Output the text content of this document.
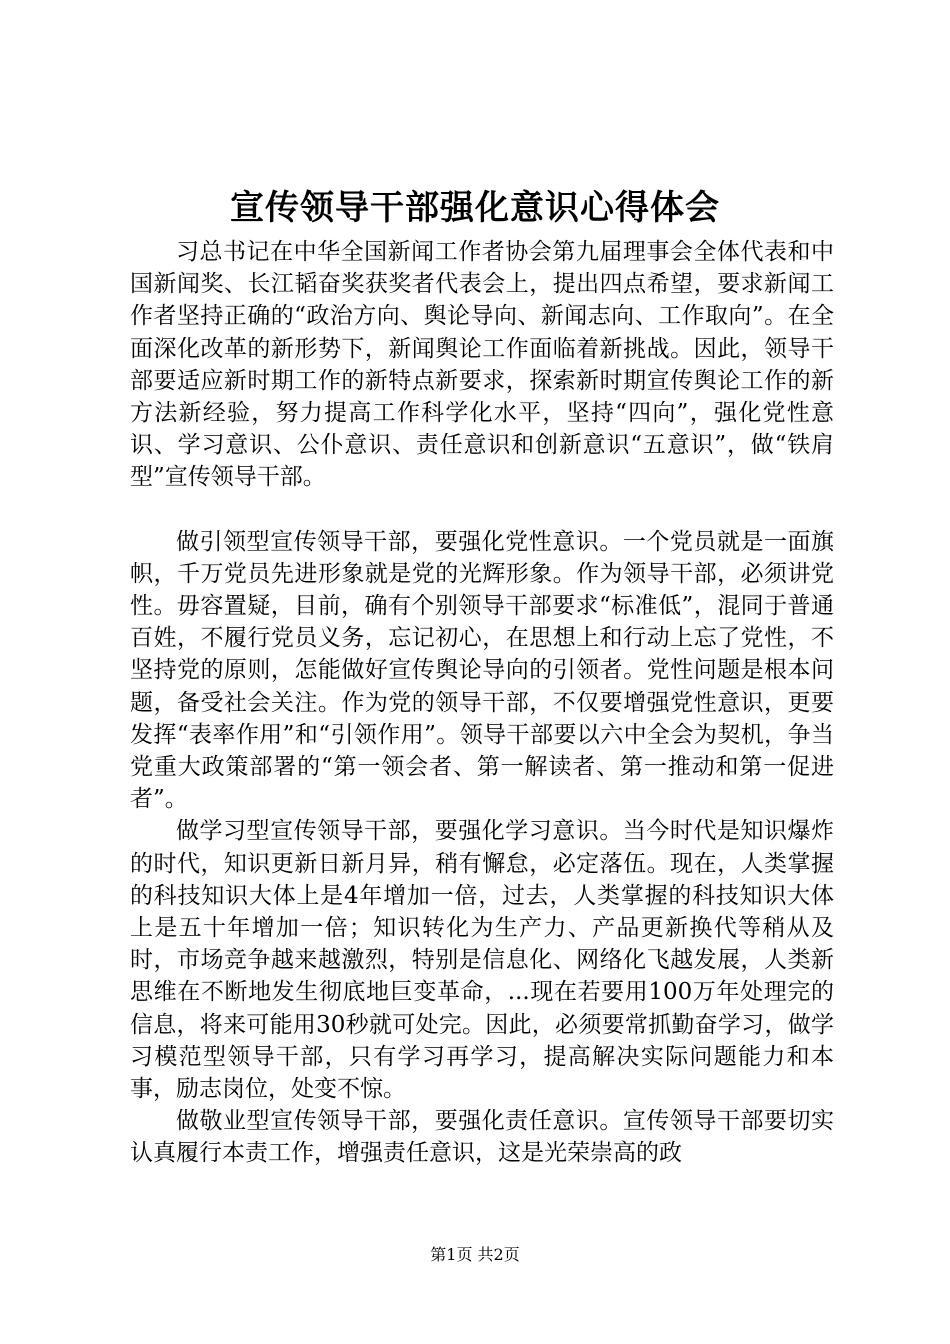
宣传领导干部强化意识心得体会

习总书记在中华全国新闻工作者协会第九届理事会全体代表和中国新闻奖、长江韬奋奖获奖者代表会上，提出四点希望，要求新闻工作者坚持正确的“政治方向、舆论导向、新闻志向、工作取向”。在全面深化改革的新形势下，新闻舆论工作面临着新挑战。因此，领导干部要适应新时期工作的新特点新要求，探索新时期宣传舆论工作的新方法新经验，努力提高工作科学化水平，坚持“四向”，强化党性意识、学习意识、公仆意识、责任意识和创新意识“五意识”，做“铁肩型”宣传领导干部。

做引领型宣传领导干部，要强化党性意识。一个党员就是一面旗帜，千万党员先进形象就是党的光辉形象。作为领导干部，必须讲党性。毋容置疑，目前，确有个别领导干部要求“标准低”，混同于普通百姓，不履行党员义务，忘记初心，在思想上和行动上忘了党性，不坚持党的原则，怎能做好宣传舆论导向的引领者。党性问题是根本问题，备受社会关注。作为党的领导干部，不仅要增强党性意识，更要发挥“表率作用”和“引领作用”。领导干部要以六中全会为契机，争当党重大政策部署的“第一领会者、第一解读者、第一推动和第一促进者”。

做学习型宣传领导干部，要强化学习意识。当今时代是知识爆炸的时代，知识更新日新月异，稍有懈怠，必定落伍。现在，人类掌握的科技知识大体上是4年增加一倍，过去，人类掌握的科技知识大体上是五十年增加一倍；知识转化为生产力、产品更新换代等稍从及时，市场竞争越来越激烈，特别是信息化、网络化飞越发展，人类新思维在不断地发生彻底地巨变革命，...现在若要用100万年处理完的信息，将来可能用30秒就可处完。因此，必须要常抓勤奋学习，做学习模范型领导干部，只有学习再学习，提高解决实际问题能力和本事，励志岗位，处变不惊。

做敬业型宣传领导干部，要强化责任意识。宣传领导干部要切实认真履行本责工作，增强责任意识，这是光荣崇高的政

第1页 共2页
